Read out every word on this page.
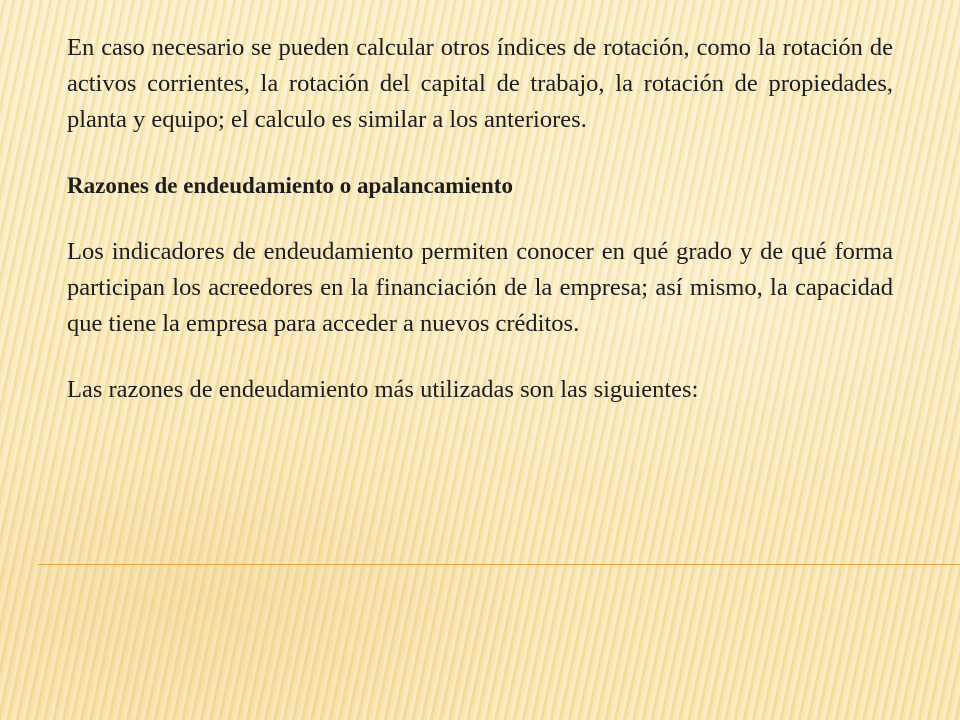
En caso necesario se pueden calcular otros índices de rotación, como la rotación de activos corrientes, la rotación del capital de trabajo, la rotación de propiedades, planta y equipo; el calculo es similar a los anteriores.

Razones de endeudamiento o apalancamiento

Los indicadores de endeudamiento permiten conocer en qué grado y de qué forma participan los acreedores en la financiación de la empresa; así mismo, la capacidad que tiene la empresa para acceder a nuevos créditos.

Las razones de endeudamiento más utilizadas son las siguientes:
